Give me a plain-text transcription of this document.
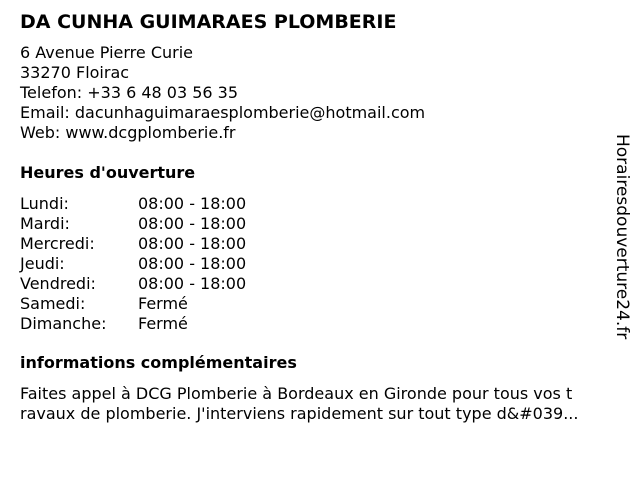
DA CUNHA GUIMARAES PLOMBERIE
6 Avenue Pierre Curie
33270 Floirac
Telefon: +33 6 48 03 56 35
Email: dacunhaguimaraesplomberie@hotmail.com
Web: www.dcgplomberie.fr
Heures d'ouverture
Lundi:	08:00 - 18:00
Mardi:	08:00 - 18:00
Mercredi:	08:00 - 18:00
Jeudi:	08:00 - 18:00
Vendredi:	08:00 - 18:00
Samedi:	Fermé
Dimanche:	Fermé
informations complémentaires
Faites appel à DCG Plomberie à Bordeaux en Gironde pour tous vos t
ravaux de plomberie. J'interviens rapidement sur tout type d&#039...
Horairesdouverture24.fr
